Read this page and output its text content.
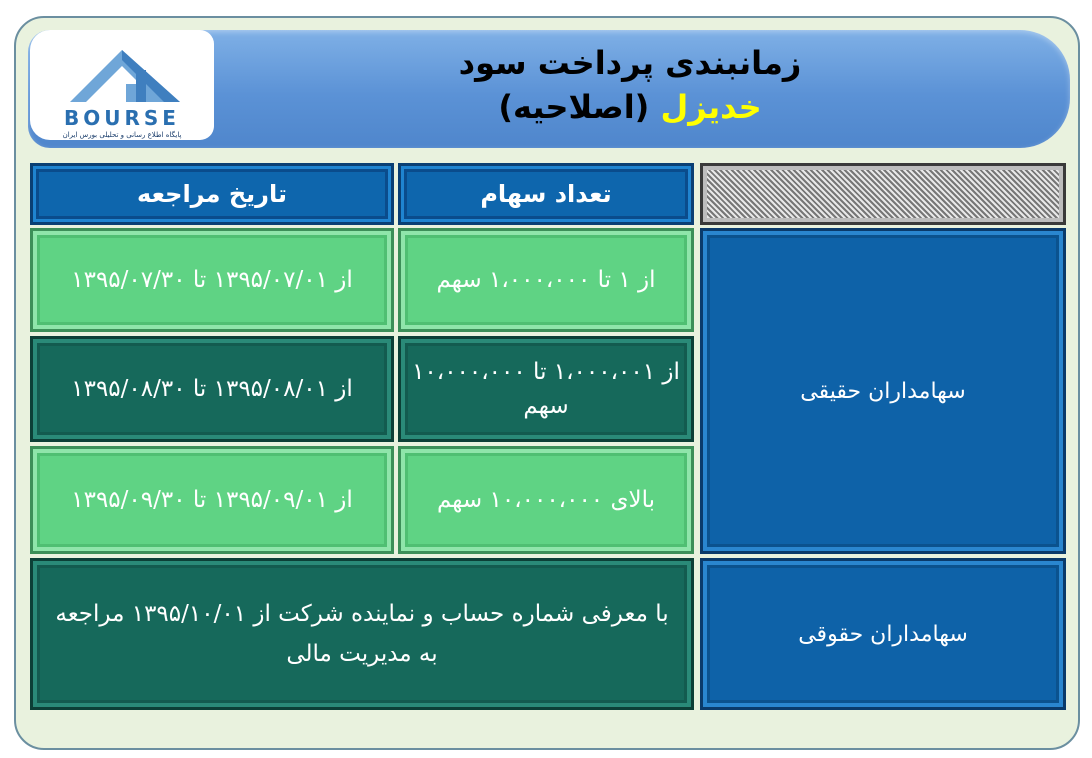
BOURSE
پایگاه اطلاع رسانی و تحلیلی بورس ایران
زمانبندی پرداخت سود
خدیزل (اصلاحیه)
تعداد سهام
تاریخ مراجعه
از ۱ تا ۱،۰۰۰،۰۰۰ سهم
از ۱۳۹۵/۰۷/۰۱ تا ۱۳۹۵/۰۷/۳۰
از ۱،۰۰۰،۰۰۱ تا ۱۰،۰۰۰،۰۰۰ سهم
از ۱۳۹۵/۰۸/۰۱ تا ۱۳۹۵/۰۸/۳۰
بالای ۱۰،۰۰۰،۰۰۰ سهم
از ۱۳۹۵/۰۹/۰۱ تا ۱۳۹۵/۰۹/۳۰
سهامداران حقیقی
سهامداران حقوقی
با معرفی شماره حساب و نماینده شرکت از ۱۳۹۵/۱۰/۰۱ مراجعه به مدیریت مالی
